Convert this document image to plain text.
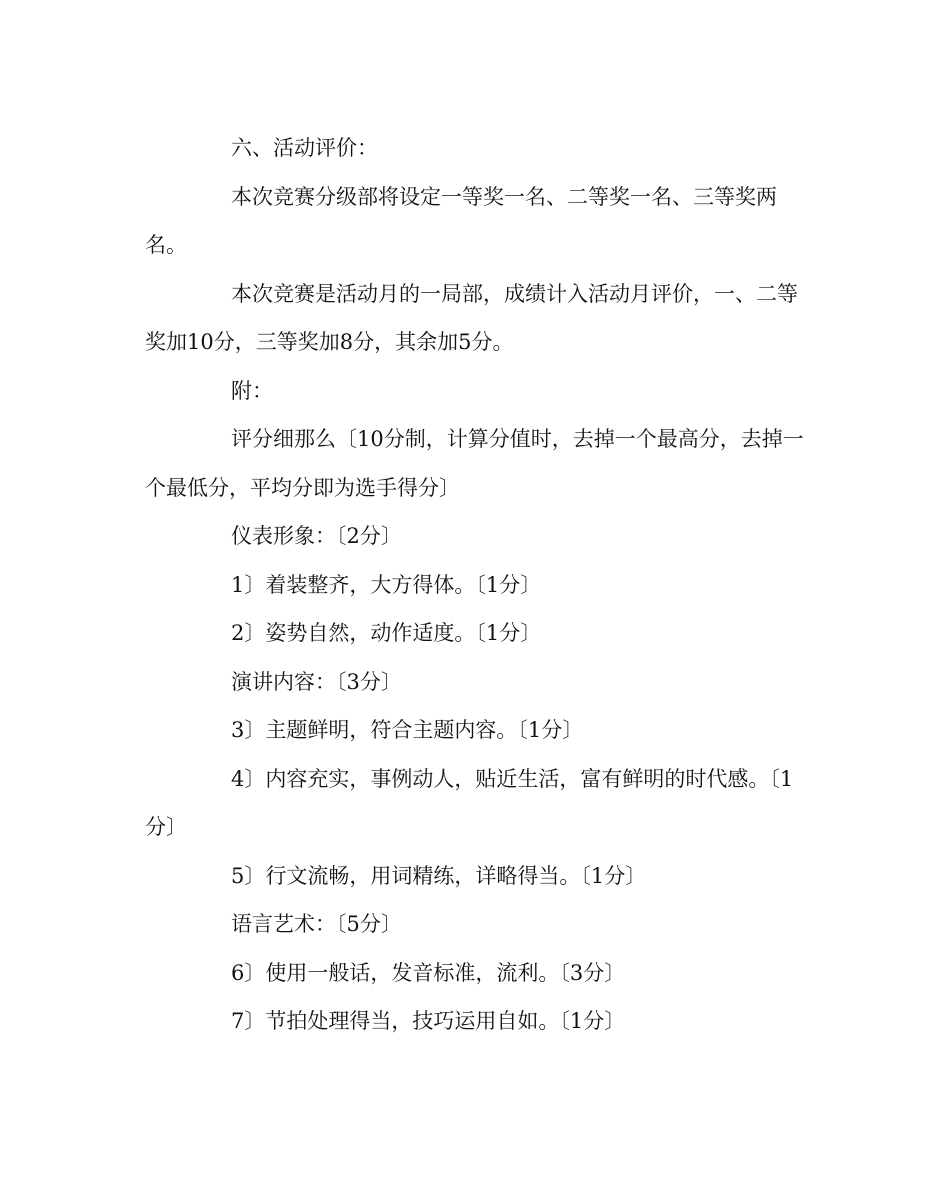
六、活动评价：

本次竞赛分级部将设定一等奖一名、二等奖一名、三等奖两名。

本次竞赛是活动月的一局部，成绩计入活动月评价，一、二等奖加10分，三等奖加8分，其余加5分。

附：

评分细那么〔10分制，计算分值时，去掉一个最高分，去掉一个最低分，平均分即为选手得分〕

仪表形象：〔2分〕

1〕着装整齐，大方得体。〔1分〕

2〕姿势自然，动作适度。〔1分〕

演讲内容：〔3分〕

3〕主题鲜明，符合主题内容。〔1分〕

4〕内容充实，事例动人，贴近生活，富有鲜明的时代感。〔1分〕

5〕行文流畅，用词精练，详略得当。〔1分〕

语言艺术：〔5分〕

6〕使用一般话，发音标准，流利。〔3分〕

7〕节拍处理得当，技巧运用自如。〔1分〕
